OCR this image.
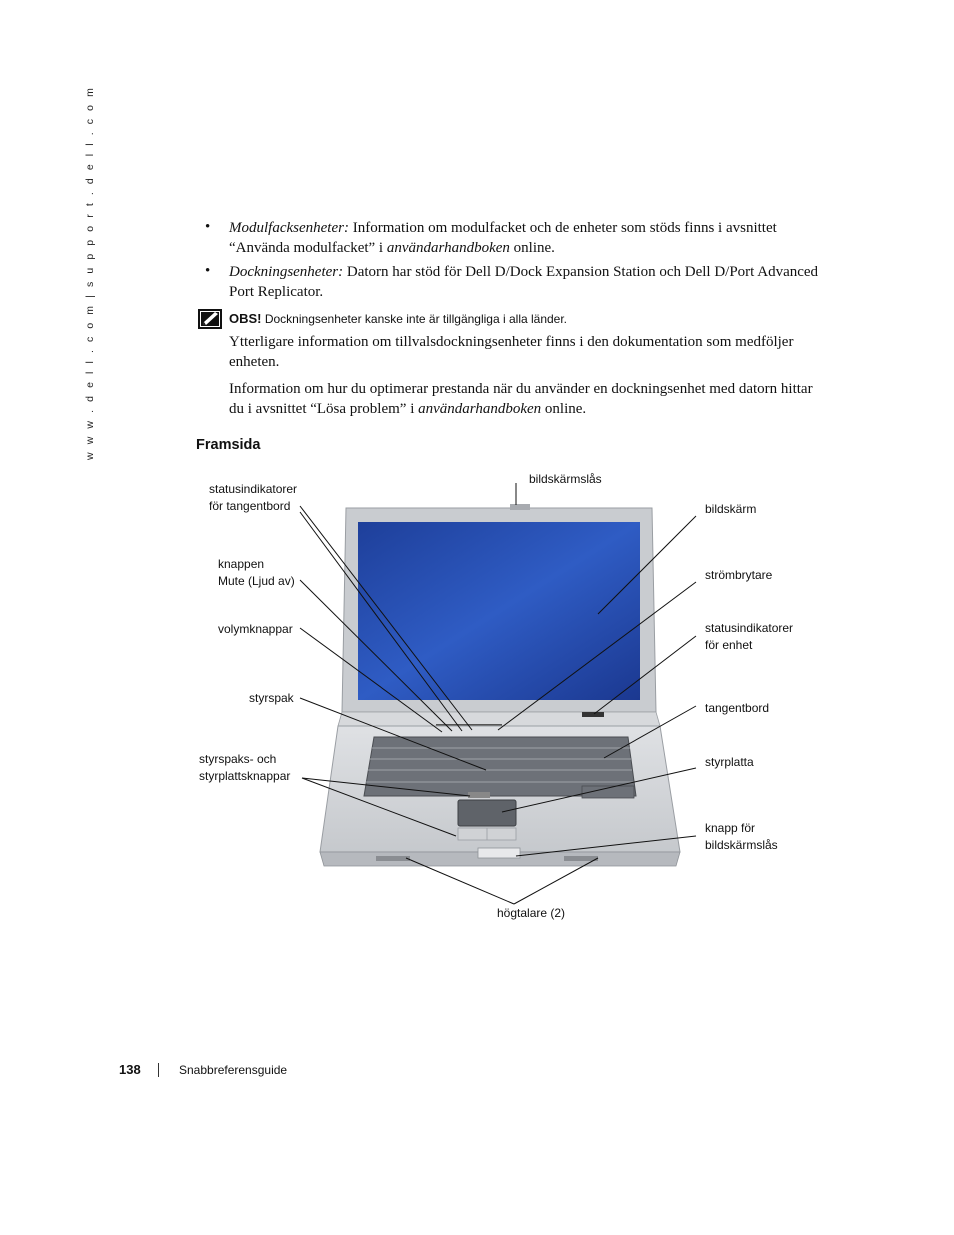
w w w . d e l l . c o m | s u p p o r t . d e l l . c o m	• Modulfacksenheter: Information om modulfacket och de enheter som stöds finns i avsnittet “Använda modulfacket” i användarhandboken online.
• Dockningsenheter: Datorn har stöd för Dell D/Dock Expansion Station och Dell D/Port Advanced Port Replicator.
OBS! Dockningsenheter kanske inte är tillgängliga i alla länder.
Ytterligare information om tillvalsdockningsenheter finns i den dokumentation som medföljer enheten.
Information om hur du optimerar prestanda när du använder en dockningsenhet med datorn hittar du i avsnittet “Lösa problem” i användarhandboken online.
Framsida
statusindikatorer
för tangentbord
knappen
Mute (Ljud av)
volymknappar
styrspak
styrspaks- och
styrplattsknappar
bildskärmslås
bildskärm
strömbrytare
statusindikatorer
för enhet
tangentbord
styrplatta
knapp för
bildskärmslås
högtalare (2)
138	Snabbreferensguide
